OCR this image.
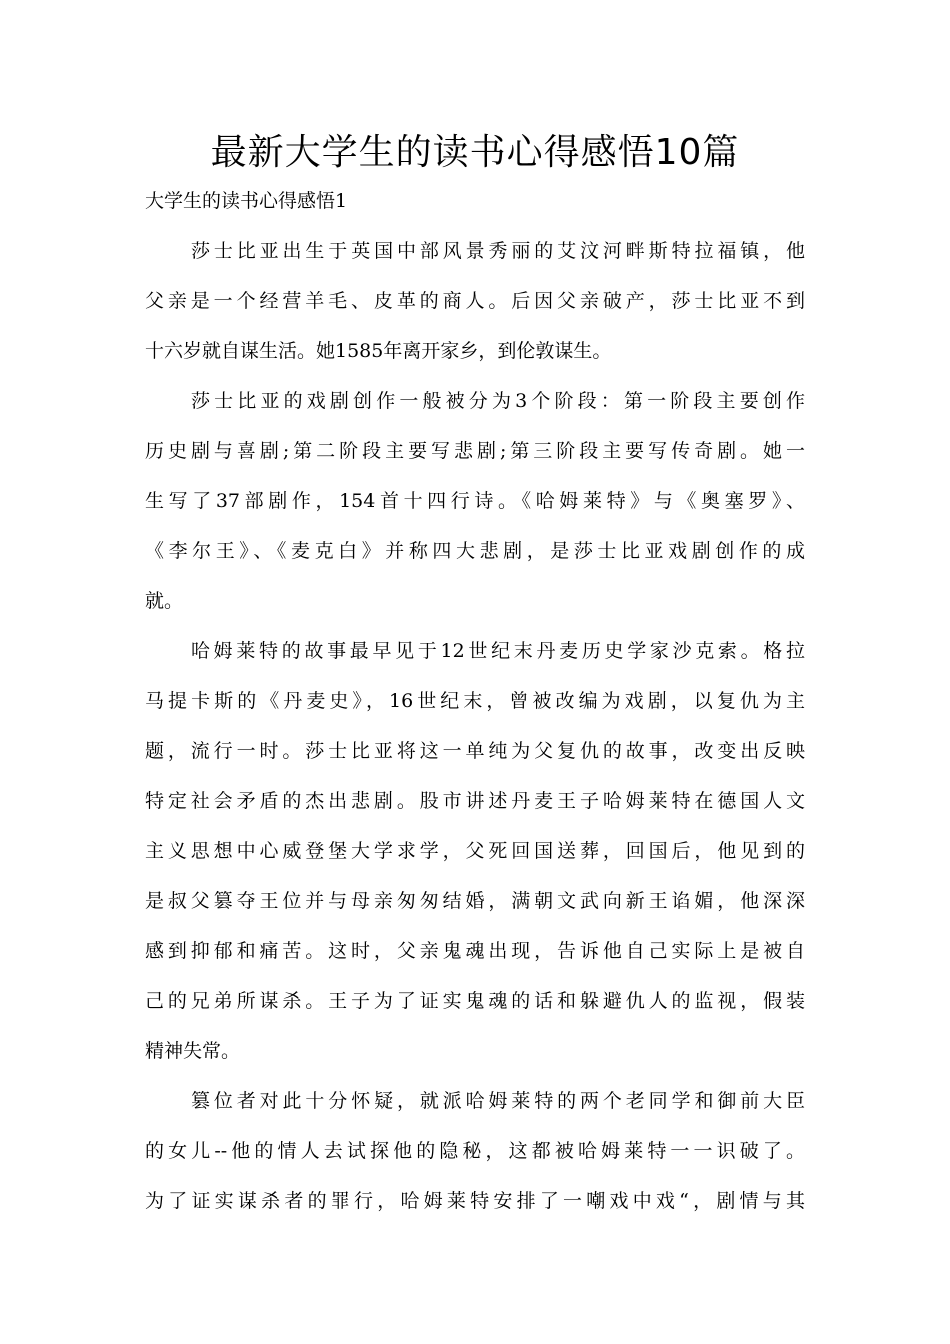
最新大学生的读书心得感悟10篇
大学生的读书心得感悟1
莎士比亚出生于英国中部风景秀丽的艾汶河畔斯特拉福镇，他
父亲是一个经营羊毛、皮革的商人。后因父亲破产，莎士比亚不到
十六岁就自谋生活。她1585年离开家乡，到伦敦谋生。
莎士比亚的戏剧创作一般被分为3个阶段：第一阶段主要创作
历史剧与喜剧;第二阶段主要写悲剧;第三阶段主要写传奇剧。她一
生写了37部剧作，154首十四行诗。《哈姆莱特》与《奥塞罗》、
《李尔王》、《麦克白》并称四大悲剧，是莎士比亚戏剧创作的成
就。
哈姆莱特的故事最早见于12世纪末丹麦历史学家沙克索。格拉
马提卡斯的《丹麦史》，16世纪末，曾被改编为戏剧，以复仇为主
题，流行一时。莎士比亚将这一单纯为父复仇的故事，改变出反映
特定社会矛盾的杰出悲剧。股市讲述丹麦王子哈姆莱特在德国人文
主义思想中心威登堡大学求学，父死回国送葬，回国后，他见到的
是叔父篡夺王位并与母亲匆匆结婚，满朝文武向新王谄媚，他深深
感到抑郁和痛苦。这时，父亲鬼魂出现，告诉他自己实际上是被自
己的兄弟所谋杀。王子为了证实鬼魂的话和躲避仇人的监视，假装
精神失常。
篡位者对此十分怀疑，就派哈姆莱特的两个老同学和御前大臣
的女儿--他的情人去试探他的隐秘，这都被哈姆莱特一一识破了。
为了证实谋杀者的罪行，哈姆莱特安排了一嘲戏中戏“，剧情与其
